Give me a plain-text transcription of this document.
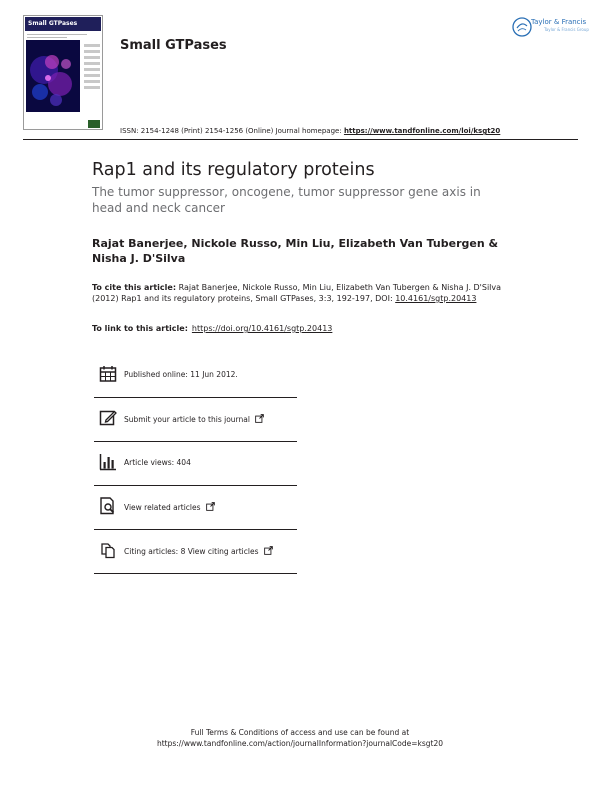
Small GTPases
Small GTPases
Taylor & Francis
Taylor & Francis Group
ISSN: 2154-1248 (Print) 2154-1256 (Online) Journal homepage: https://www.tandfonline.com/loi/ksgt20
Rap1 and its regulatory proteins
The tumor suppressor, oncogene, tumor suppressor gene axis in head and neck cancer
Rajat Banerjee, Nickole Russo, Min Liu, Elizabeth Van Tubergen & Nisha J. D'Silva
To cite this article: Rajat Banerjee, Nickole Russo, Min Liu, Elizabeth Van Tubergen & Nisha J. D'Silva (2012) Rap1 and its regulatory proteins, Small GTPases, 3:3, 192-197, DOI: 10.4161/sgtp.20413
To link to this article: https://doi.org/10.4161/sgtp.20413
Published online: 11 Jun 2012.
Submit your article to this journal
Article views: 404
View related articles
Citing articles: 8 View citing articles
Full Terms & Conditions of access and use can be found at
https://www.tandfonline.com/action/journalInformation?journalCode=ksgt20
